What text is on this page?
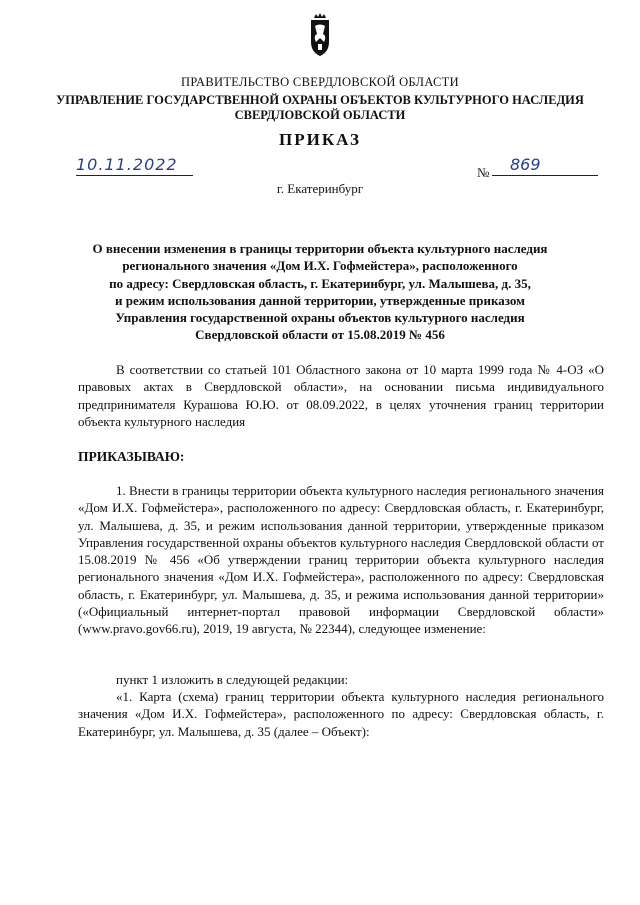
ПРАВИТЕЛЬСТВО СВЕРДЛОВСКОЙ ОБЛАСТИ
УПРАВЛЕНИЕ ГОСУДАРСТВЕННОЙ ОХРАНЫ ОБЪЕКТОВ КУЛЬТУРНОГО НАСЛЕДИЯ
СВЕРДЛОВСКОЙ ОБЛАСТИ
ПРИКАЗ
10.11.2022	№ 869
г. Екатеринбург
О внесении изменения в границы территории объекта культурного наследия
регионального значения «Дом И.Х. Гофмейстера», расположенного
по адресу: Свердловская область, г. Екатеринбург, ул. Малышева, д. 35,
и режим использования данной территории, утвержденные приказом
Управления государственной охраны объектов культурного наследия
Свердловской области от 15.08.2019 № 456
В соответствии со статьей 101 Областного закона от 10 марта 1999 года № 4-ОЗ «О правовых актах в Свердловской области», на основании письма индивидуального предпринимателя Курашова Ю.Ю. от 08.09.2022, в целях уточнения границ территории объекта культурного наследия
ПРИКАЗЫВАЮ:
1. Внести в границы территории объекта культурного наследия регионального значения «Дом И.Х. Гофмейстера», расположенного по адресу: Свердловская область, г. Екатеринбург, ул. Малышева, д. 35, и режим использования данной территории, утвержденные приказом Управления государственной охраны объектов культурного наследия Свердловской области от 15.08.2019 № 456 «Об утверждении границ территории объекта культурного наследия регионального значения «Дом И.Х. Гофмейстера», расположенного по адресу: Свердловская область, г. Екатеринбург, ул. Малышева, д. 35, и режима использования данной территории» («Официальный интернет-портал правовой информации Свердловской области» (www.pravo.gov66.ru), 2019, 19 августа, № 22344), следующее изменение:
пункт 1 изложить в следующей редакции:
«1. Карта (схема) границ территории объекта культурного наследия регионального значения «Дом И.Х. Гофмейстера», расположенного по адресу: Свердловская область, г. Екатеринбург, ул. Малышева, д. 35 (далее – Объект):
